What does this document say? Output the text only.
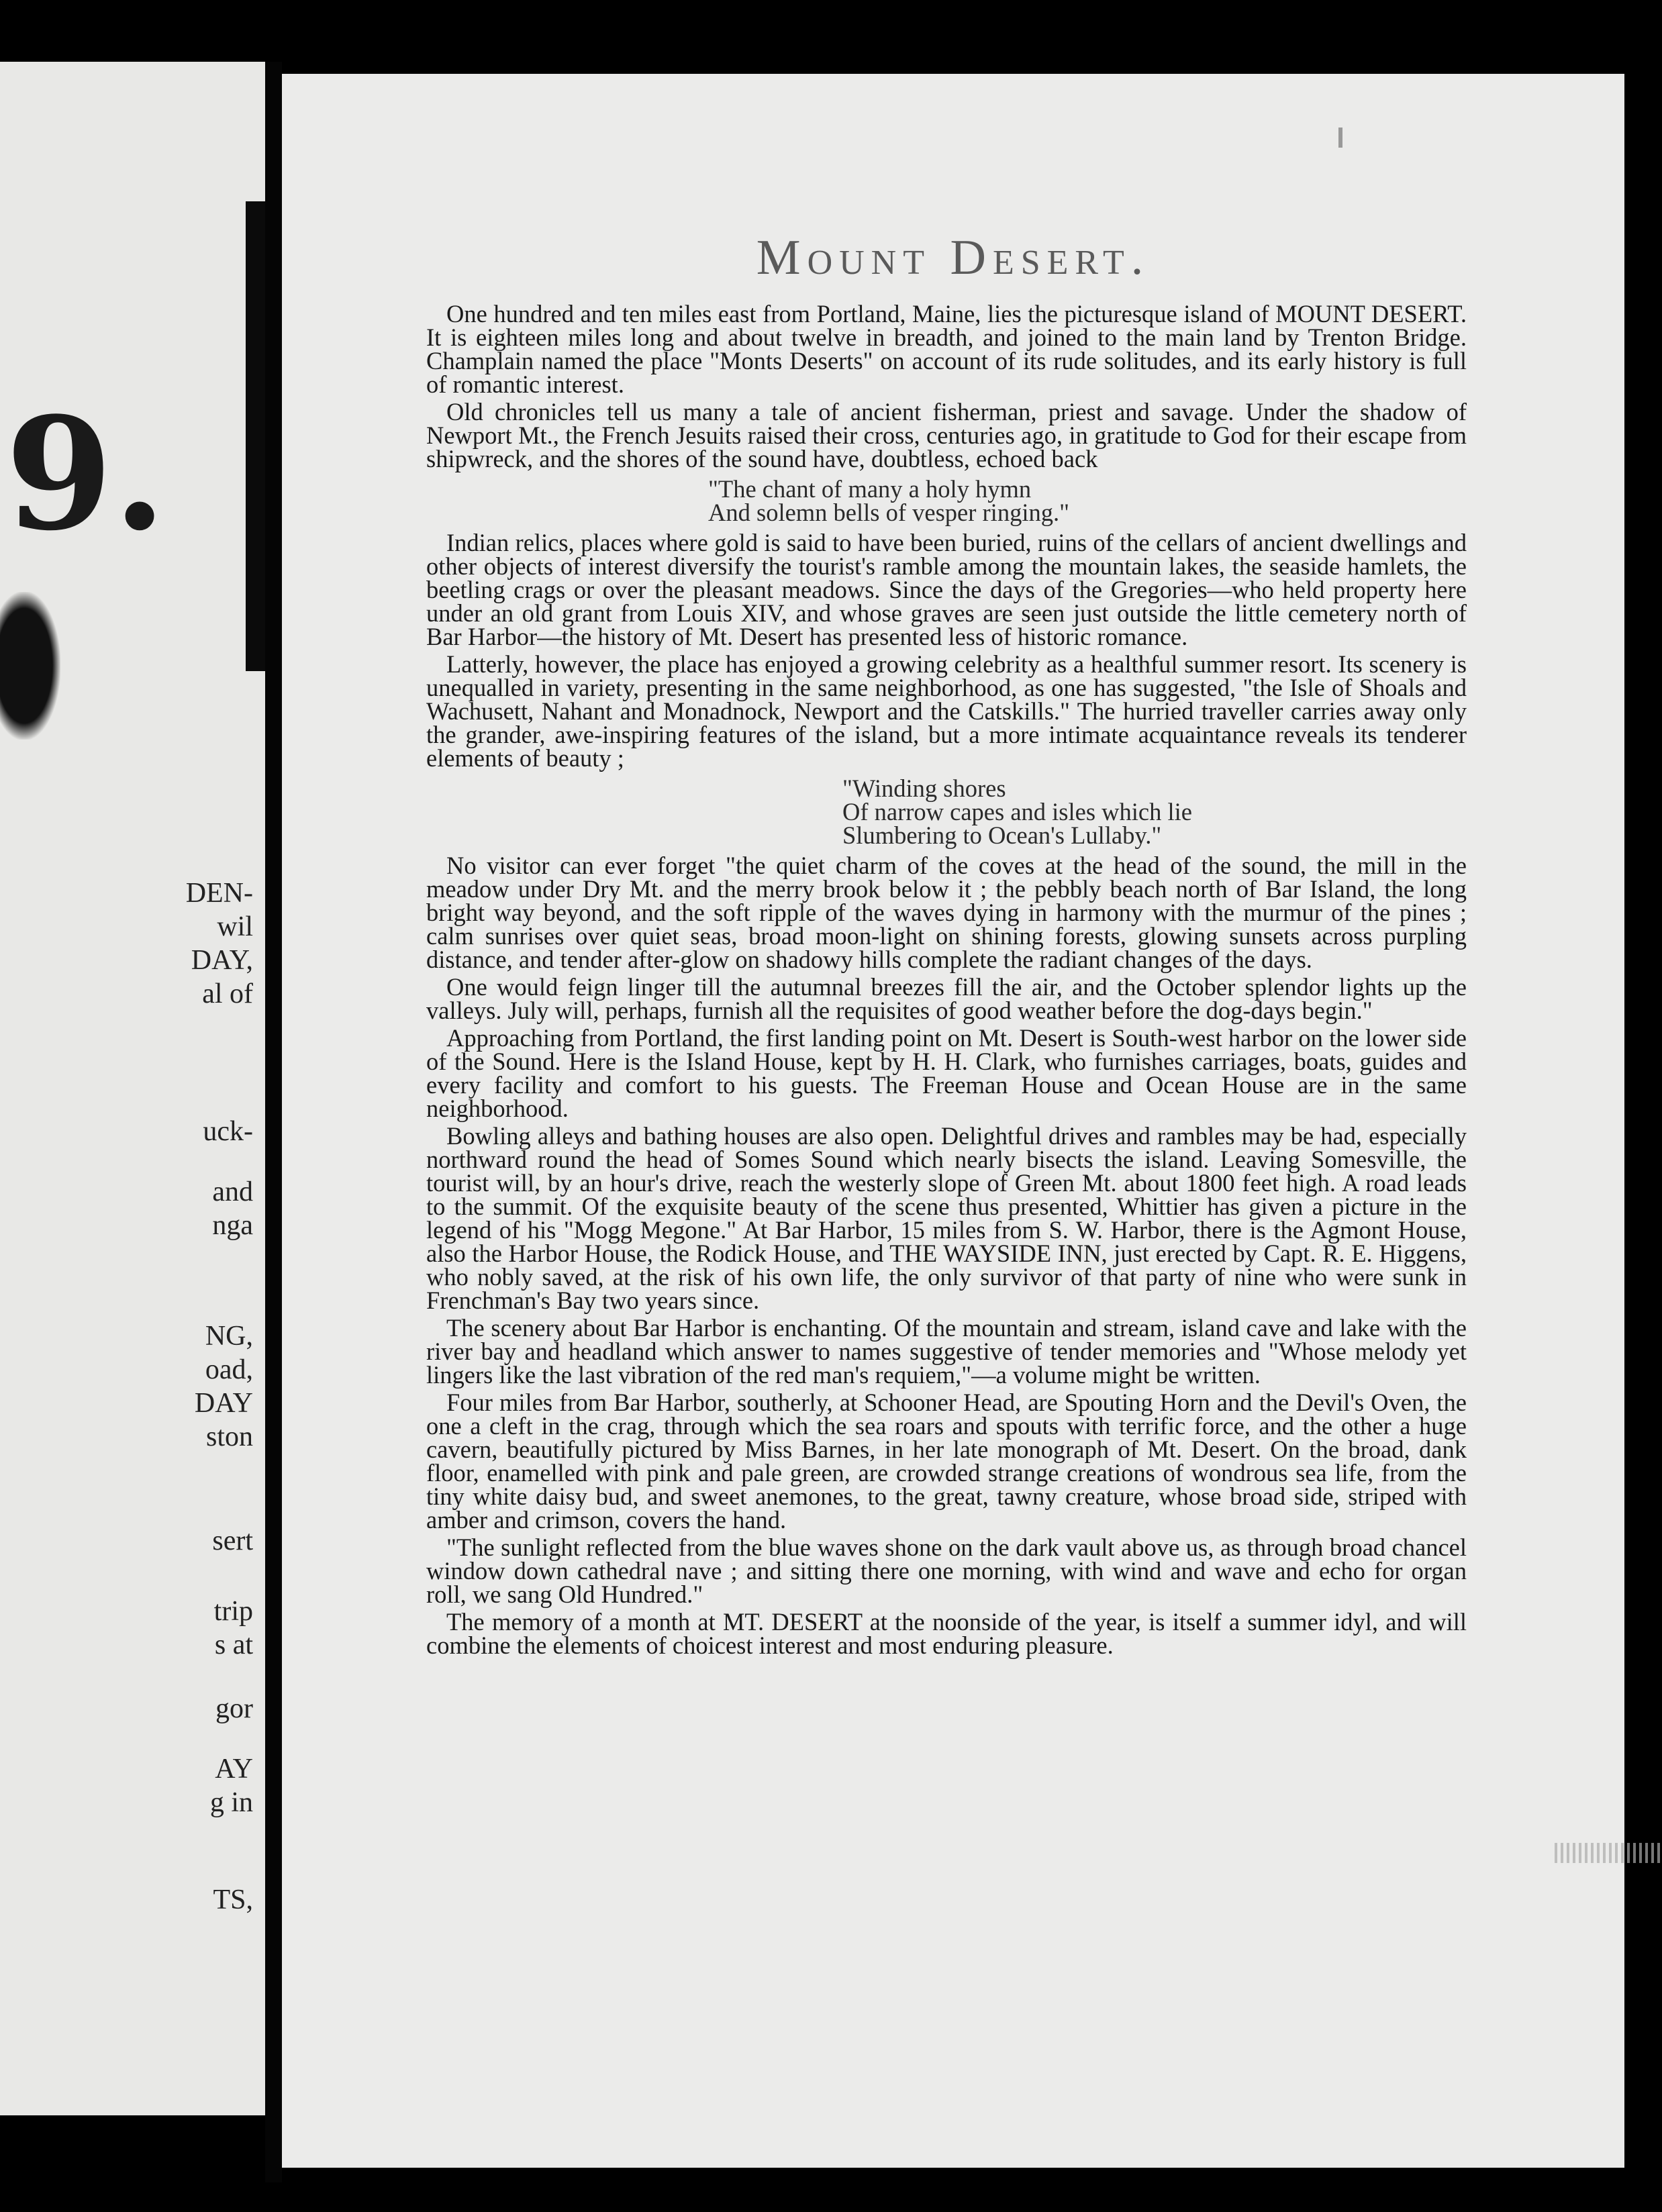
9.
DEN-
wil
DAY,
al of
uck-
and
nga
NG,
oad,
DAY
ston
sert
trip
s at
gor
AY
g in
TS,
Mount Desert.

One hundred and ten miles east from Portland, Maine, lies the picturesque island of MOUNT DESERT. It is eighteen miles long and about twelve in breadth, and joined to the main land by Trenton Bridge. Champlain named the place "Monts Deserts" on account of its rude solitudes, and its early history is full of romantic interest.

Old chronicles tell us many a tale of ancient fisherman, priest and savage. Under the shadow of Newport Mt., the French Jesuits raised their cross, centuries ago, in gratitude to God for their escape from shipwreck, and the shores of the sound have, doubtless, echoed back

"The chant of many a holy hymn
And solemn bells of vesper ringing."

Indian relics, places where gold is said to have been buried, ruins of the cellars of ancient dwellings and other objects of interest diversify the tourist's ramble among the mountain lakes, the seaside hamlets, the beetling crags or over the pleasant meadows. Since the days of the Gregories—who held property here under an old grant from Louis XIV, and whose graves are seen just outside the little cemetery north of Bar Harbor—the history of Mt. Desert has presented less of historic romance.

Latterly, however, the place has enjoyed a growing celebrity as a healthful summer resort. Its scenery is unequalled in variety, presenting in the same neighborhood, as one has suggested, "the Isle of Shoals and Wachusett, Nahant and Monadnock, Newport and the Catskills." The hurried traveller carries away only the grander, awe-inspiring features of the island, but a more intimate acquaintance reveals its tenderer elements of beauty ;

"Winding shores
Of narrow capes and isles which lie
Slumbering to Ocean's Lullaby."

No visitor can ever forget "the quiet charm of the coves at the head of the sound, the mill in the meadow under Dry Mt. and the merry brook below it ; the pebbly beach north of Bar Island, the long bright way beyond, and the soft ripple of the waves dying in harmony with the murmur of the pines ; calm sunrises over quiet seas, broad moon-light on shining forests, glowing sunsets across purpling distance, and tender after-glow on shadowy hills complete the radiant changes of the days.

One would feign linger till the autumnal breezes fill the air, and the October splendor lights up the valleys. July will, perhaps, furnish all the requisites of good weather before the dog-days begin."

Approaching from Portland, the first landing point on Mt. Desert is South-west harbor on the lower side of the Sound. Here is the Island House, kept by H. H. Clark, who furnishes carriages, boats, guides and every facility and comfort to his guests. The Freeman House and Ocean House are in the same neighborhood.

Bowling alleys and bathing houses are also open. Delightful drives and rambles may be had, especially northward round the head of Somes Sound which nearly bisects the island. Leaving Somesville, the tourist will, by an hour's drive, reach the westerly slope of Green Mt. about 1800 feet high. A road leads to the summit. Of the exquisite beauty of the scene thus presented, Whittier has given a picture in the legend of his "Mogg Megone." At Bar Harbor, 15 miles from S. W. Harbor, there is the Agmont House, also the Harbor House, the Rodick House, and THE WAYSIDE INN, just erected by Capt. R. E. Higgens, who nobly saved, at the risk of his own life, the only survivor of that party of nine who were sunk in Frenchman's Bay two years since.

The scenery about Bar Harbor is enchanting. Of the mountain and stream, island cave and lake with the river bay and headland which answer to names suggestive of tender memories and "Whose melody yet lingers like the last vibration of the red man's requiem,"—a volume might be written.

Four miles from Bar Harbor, southerly, at Schooner Head, are Spouting Horn and the Devil's Oven, the one a cleft in the crag, through which the sea roars and spouts with terrific force, and the other a huge cavern, beautifully pictured by Miss Barnes, in her late monograph of Mt. Desert. On the broad, dank floor, enamelled with pink and pale green, are crowded strange creations of wondrous sea life, from the tiny white daisy bud, and sweet anemones, to the great, tawny creature, whose broad side, striped with amber and crimson, covers the hand.

"The sunlight reflected from the blue waves shone on the dark vault above us, as through broad chancel window down cathedral nave ; and sitting there one morning, with wind and wave and echo for organ roll, we sang Old Hundred."

The memory of a month at MT. DESERT at the noonside of the year, is itself a summer idyl, and will combine the elements of choicest interest and most enduring pleasure.
